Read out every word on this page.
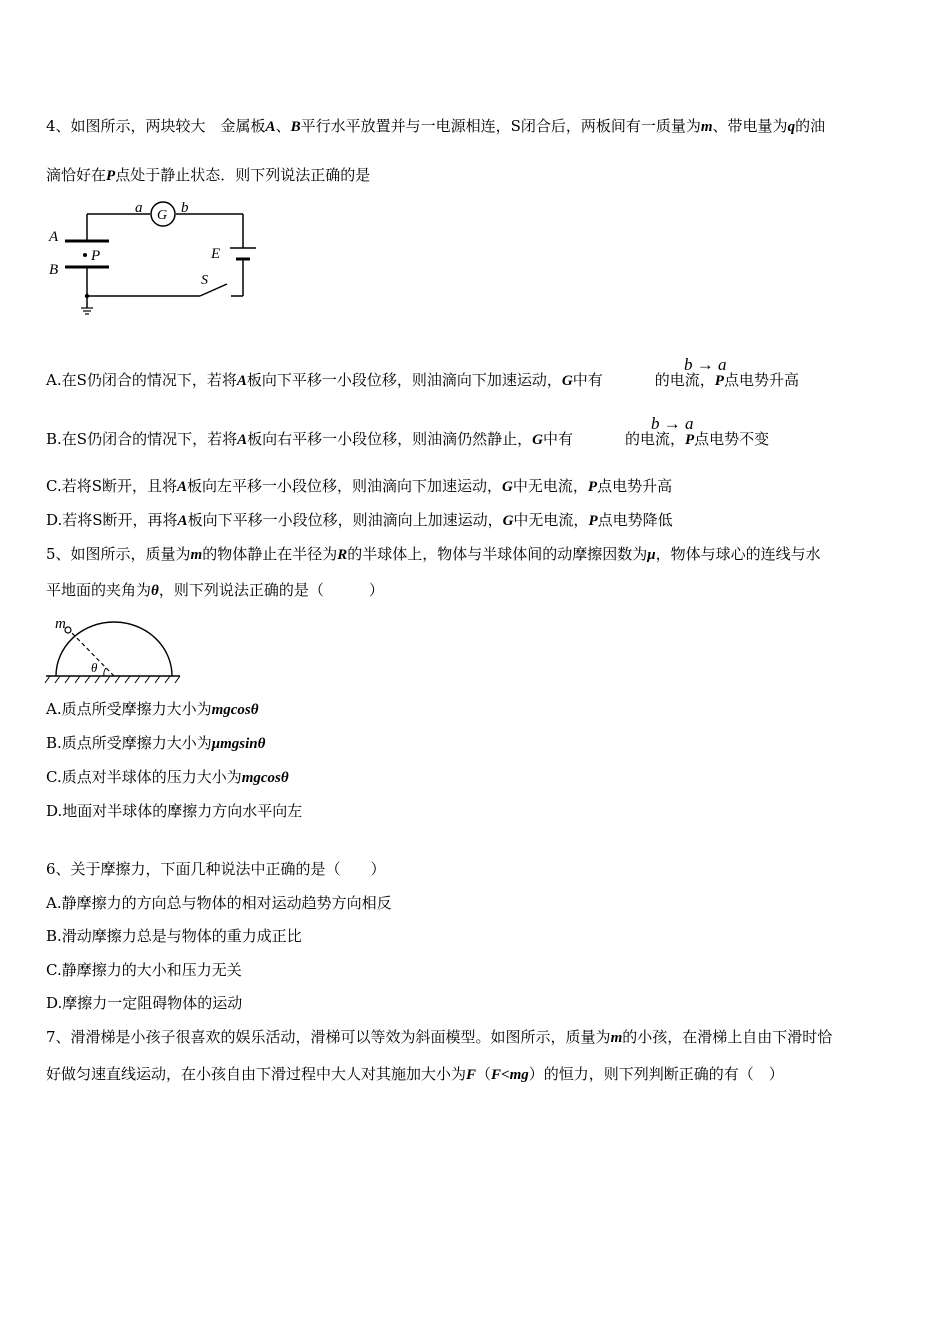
4、如图所示，两块较大　金属板A、B平行水平放置并与一电源相连，S闭合后，两板间有一质量为m、带电量为q的油
滴恰好在P点处于静止状态．则下列说法正确的是
G
a	b
A
B
P	E
S
b → a
A.在S仍闭合的情况下，若将A板向下平移一小段位移，则油滴向下加速运动，G中有	的电流，P点电势升高
b → a
B.在S仍闭合的情况下，若将A板向右平移一小段位移，则油滴仍然静止，G中有	的电流，P点电势不变
C.若将S断开，且将A板向左平移一小段位移，则油滴向下加速运动，G中无电流，P点电势升高
D.若将S断开，再将A板向下平移一小段位移，则油滴向上加速运动，G中无电流，P点电势降低
5、如图所示，质量为m的物体静止在半径为R的半球体上，物体与半球体间的动摩擦因数为μ，物体与球心的连线与水
平地面的夹角为θ，则下列说法正确的是（　　　）
m
θ
A.质点所受摩擦力大小为mgcosθ
B.质点所受摩擦力大小为μmgsinθ
C.质点对半球体的压力大小为mgcosθ
D.地面对半球体的摩擦力方向水平向左
6、关于摩擦力，下面几种说法中正确的是（　　）
A.静摩擦力的方向总与物体的相对运动趋势方向相反
B.滑动摩擦力总是与物体的重力成正比
C.静摩擦力的大小和压力无关
D.摩擦力一定阻碍物体的运动
7、滑滑梯是小孩子很喜欢的娱乐活动，滑梯可以等效为斜面模型。如图所示，质量为m的小孩，在滑梯上自由下滑时恰
好做匀速直线运动，在小孩自由下滑过程中大人对其施加大小为F（F<mg）的恒力，则下列判断正确的有（　）
